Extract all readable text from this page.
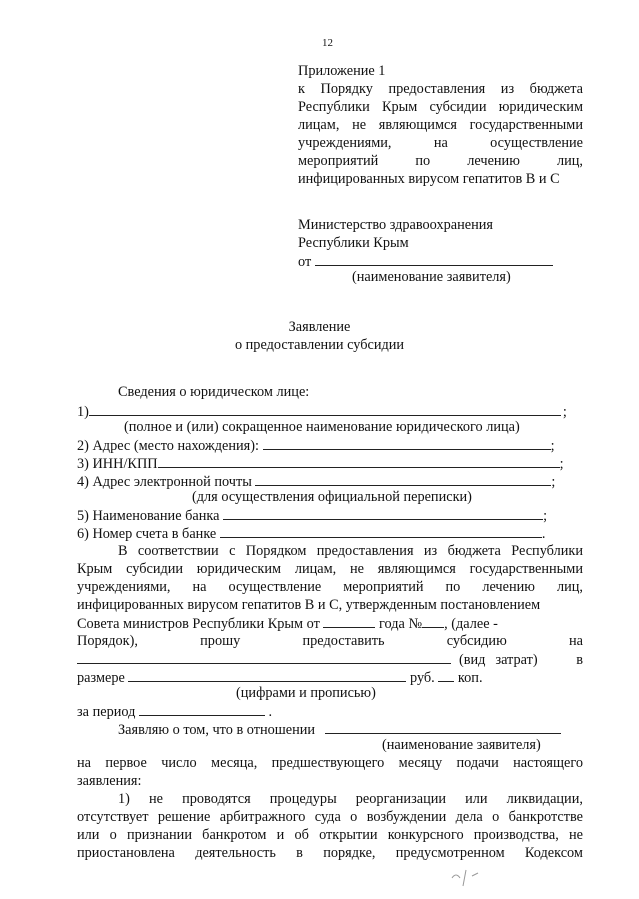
12
Приложение 1
к Порядку предоставления из бюджета
Республики Крым субсидии юридическим
лицам, не являющимся государственными
учреждениями,	на	осуществление
мероприятий	по	лечению	лиц,
инфицированных вирусом гепатитов В и С
Министерство здравоохранения
Республики Крым
от
(наименование заявителя)
Заявление
о предоставлении субсидии
Сведения о юридическом лице:
1)	;
(полное и (или) сокращенное наименование юридического лица)
2) Адрес (место нахождения):	;
3) ИНН/КПП	;
4) Адрес электронной почты	;
(для осуществления официальной переписки)
5) Наименование банка	;
6) Номер счета в банке	.
В соответствии с Порядком предоставления из бюджета Республики
Крым субсидии юридическим лицам, не являющимся государственными
учреждениями, на осуществление мероприятий по лечению лиц,
инфицированных вирусом гепатитов В и С, утвержденным постановлением
Совета министров Республики Крым от	года № , (далее -
Порядок),	прошу	предоставить	субсидию	на
(вид затрат)	в
размере	руб. коп.
(цифрами и прописью)
за период	.
Заявляю о том, что в отношении
(наименование заявителя)
на первое число месяца, предшествующего месяцу подачи настоящего
заявления:
1) не проводятся процедуры реорганизации или ликвидации,
отсутствует решение арбитражного суда о возбуждении дела о банкротстве
или о признании банкротом и об открытии конкурсного производства, не
приостановлена деятельность в порядке, предусмотренном Кодексом
